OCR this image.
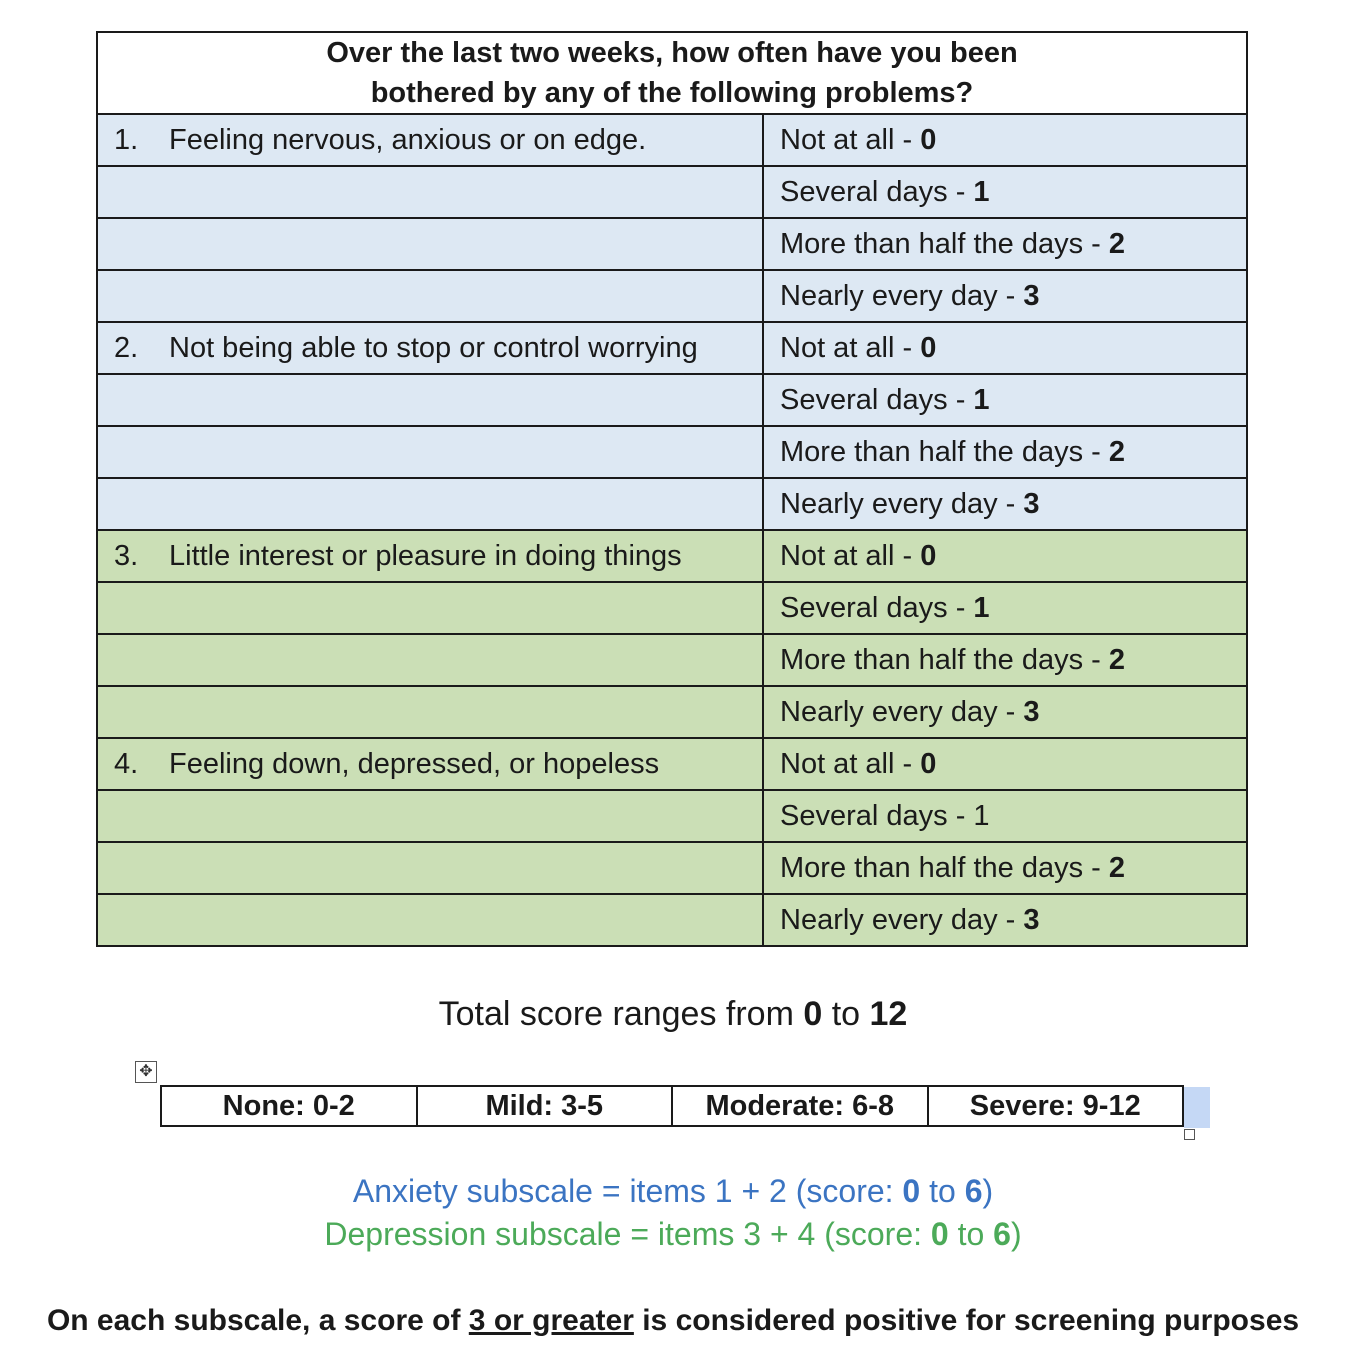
Over the last two weeks, how often have you been
bothered by any of the following problems?	

1. Feeling nervous, anxious or on edge.	Not at all - 0
	Several days - 1
	More than half the days - 2
	Nearly every day - 3
2. Not being able to stop or control worrying	Not at all - 0
	Several days - 1
	More than half the days - 2
	Nearly every day - 3
3. Little interest or pleasure in doing things	Not at all - 0
	Several days - 1
	More than half the days - 2
	Nearly every day - 3
4. Feeling down, depressed, or hopeless	Not at all - 0
	Several days - 1
	More than half the days - 2
	Nearly every day - 3
Total score ranges from 0 to 12
✥
None: 0-2	Mild: 3-5	Moderate: 6-8	Severe: 9-12
Anxiety subscale = items 1 + 2 (score: 0 to 6)
Depression subscale = items 3 + 4 (score: 0 to 6)
On each subscale, a score of 3 or greater is considered positive for screening purposes
